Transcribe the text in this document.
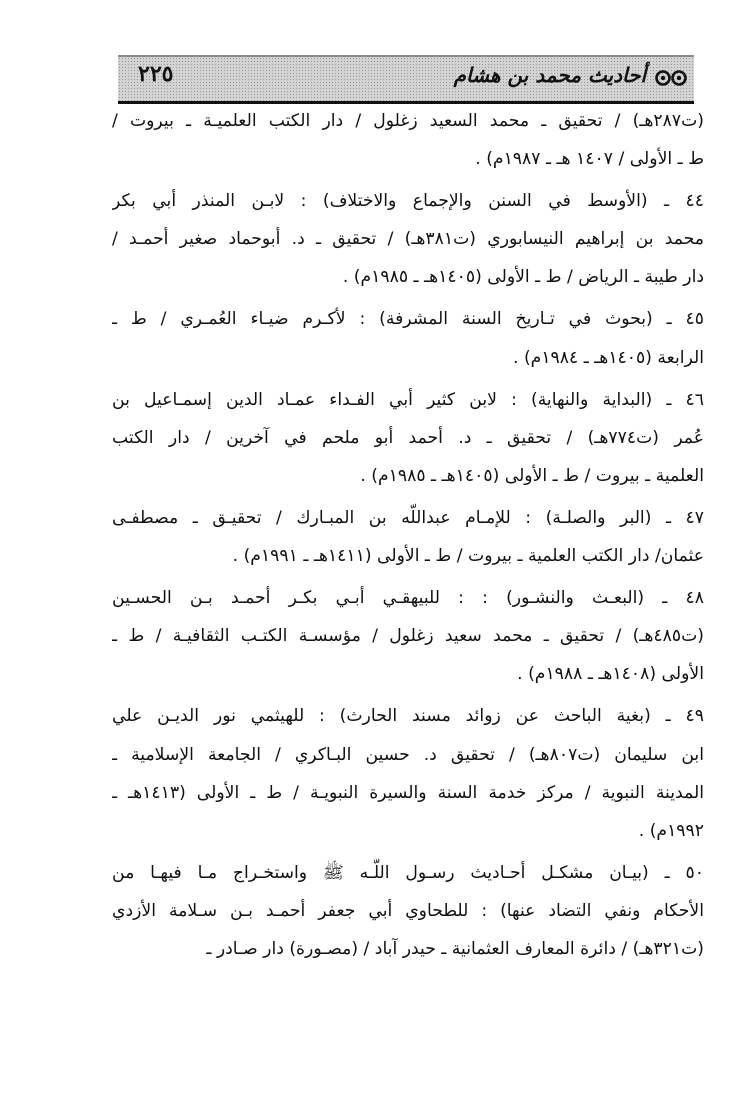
٢٢٥	أحاديث محمد بن هشام
(ت٢٨٧هـ) / تحقيق ـ محمد السعيد زغلول / دار الكتب العلميـة ـ بيروت /
ط ـ الأولى / ١٤٠٧ هـ ـ ١٩٨٧م) .
٤٤ ـ (الأوسط في السنن والإجماع والاختلاف) : لابـن المنذر أبي بكر
محمد بن إبراهيم النيسابوري (ت٣٨١هـ) / تحقيق ـ د. أبوحماد صغير أحمـد /
دار طيبة ـ الرياض / ط ـ الأولى (١٤٠٥هـ ـ ١٩٨٥م) .
٤٥ ـ (بحوث في تـاريخ السنة المشرفة) : لأكـرم ضيـاء العُمـري / ط ـ
الرابعة (١٤٠٥هـ ـ ١٩٨٤م) .
٤٦ ـ (البداية والنهاية) : لابن كثير أبي الفـداء عمـاد الدين إسمـاعيل بن
عُمر (ت٧٧٤هـ) / تحقيق ـ د. أحمد أبو ملحم في آخرين / دار الكتب
العلمية ـ بيروت / ط ـ الأولى (١٤٠٥هـ ـ ١٩٨٥م) .
٤٧ ـ (البر والصلـة) : للإمـام عبداللّه بن المبـارك / تحقيـق ـ مصطفـى
عثمان/ دار الكتب العلمية ـ بيروت / ط ـ الأولى (١٤١١هـ ـ ١٩٩١م) .
٤٨ ـ (البعـث والنشـور) : : للبيهقـي أبـي بكـر أحمـد بـن الحسـين
(ت٤٨٥هـ) / تحقيق ـ محمد سعيد زغلول / مؤسسـة الكتـب الثقافيـة / ط ـ
الأولى (١٤٠٨هـ ـ ١٩٨٨م) .
٤٩ ـ (بغية الباحث عن زوائد مسند الحارث) : للهيثمي نور الديـن علي
ابن سليمان (ت٨٠٧هـ) / تحقيق د. حسين البـاكري / الجامعة الإسلامية ـ
المدينة النبوية / مركز خدمة السنة والسيرة النبويـة / ط ـ الأولى (١٤١٣هـ ـ
١٩٩٢م) .
٥٠ ـ (بيـان مشكـل أحـاديث رسـول اللّـه ﷺ واستخـراج مـا فيهـا من
الأحكام ونفي التضاد عنها) : للطحاوي أبي جعفر أحمـد بـن سـلامة الأزدي
(ت٣٢١هـ) / دائرة المعارف العثمانية ـ حيدر آباد / (مصـورة) دار صـادر ـ
